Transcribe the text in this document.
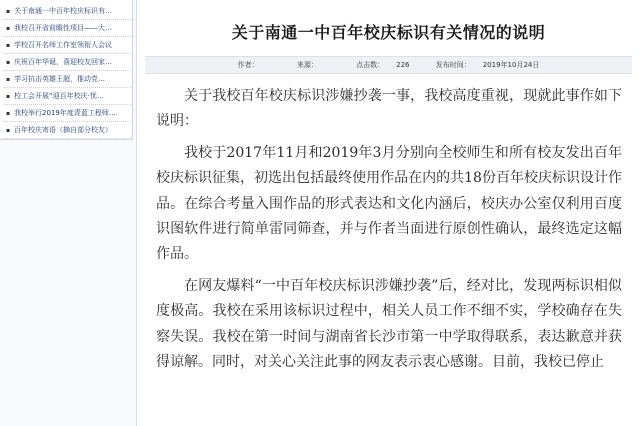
▪ 关于南通一中百年校庆标识有…
▪ 我校召开省前瞻性项目——大…
▪ 学校召开名师工作室领衔人会议
▪ 庆祝百年华诞，喜迎校友回家…
▪ 学习抗击英雄王超，推动党…
▪ 校工会开展“迎百年校庆·忧…
▪ 我校举行2019年度青蓝工程师…
▪ 百年校庆寄语（摘自部分校友）
关于南通一中百年校庆标识有关情况的说明
作者：	来源：	点击数： 226	发布时间： 2019年10月24日

关于我校百年校庆标识涉嫌抄袭一事，我校高度重视，现就此事作如下说明：

我校于2017年11月和2019年3月分别向全校师生和所有校友发出百年校庆标识征集，初选出包括最终使用作品在内的共18份百年校庆标识设计作品。在综合考量入围作品的形式表达和文化内涵后，校庆办公室仅利用百度识图软件进行简单雷同筛查，并与作者当面进行原创性确认，最终选定这幅作品。

在网友爆料“一中百年校庆标识涉嫌抄袭”后，经对比，发现两标识相似度极高。我校在采用该标识过程中，相关人员工作不细不实，学校确存在失察失误。我校在第一时间与湖南省长沙市第一中学取得联系，表达歉意并获得谅解。同时，对关心关注此事的网友表示衷心感谢。目前，我校已停止
